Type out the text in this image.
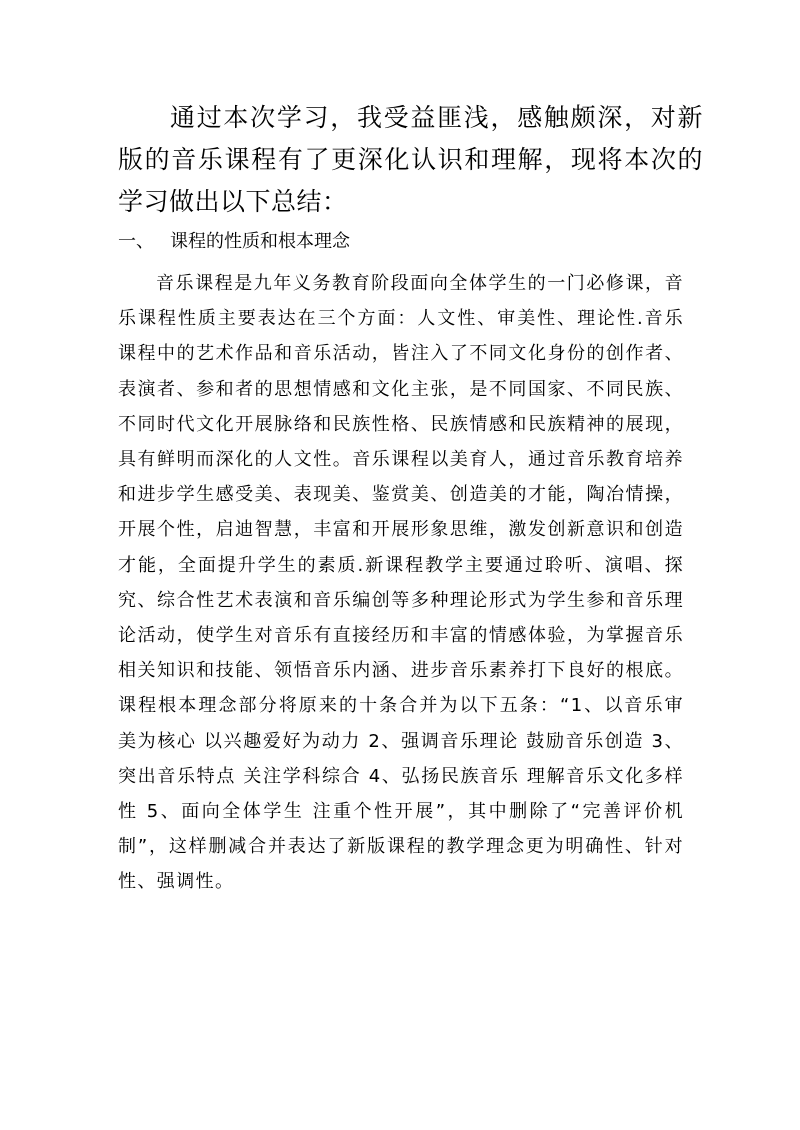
通过本次学习，我受益匪浅，感触颇深，对新版的音乐课程有了更深化认识和理解，现将本次的学习做出以下总结：

一、 课程的性质和根本理念

音乐课程是九年义务教育阶段面向全体学生的一门必修课，音乐课程性质主要表达在三个方面：人文性、审美性、理论性.音乐课程中的艺术作品和音乐活动，皆注入了不同文化身份的创作者、表演者、参和者的思想情感和文化主张，是不同国家、不同民族、不同时代文化开展脉络和民族性格、民族情感和民族精神的展现，具有鲜明而深化的人文性。音乐课程以美育人，通过音乐教育培养和进步学生感受美、表现美、鉴赏美、创造美的才能，陶冶情操，开展个性，启迪智慧，丰富和开展形象思维，激发创新意识和创造才能，全面提升学生的素质.新课程教学主要通过聆听、演唱、探究、综合性艺术表演和音乐编创等多种理论形式为学生参和音乐理论活动，使学生对音乐有直接经历和丰富的情感体验，为掌握音乐相关知识和技能、领悟音乐内涵、进步音乐素养打下良好的根底。课程根本理念部分将原来的十条合并为以下五条：“1、以音乐审美为核心 以兴趣爱好为动力 2、强调音乐理论 鼓励音乐创造 3、突出音乐特点 关注学科综合 4、弘扬民族音乐 理解音乐文化多样性 5、面向全体学生 注重个性开展”，其中删除了“完善评价机制”，这样删减合并表达了新版课程的教学理念更为明确性、针对性、强调性。
